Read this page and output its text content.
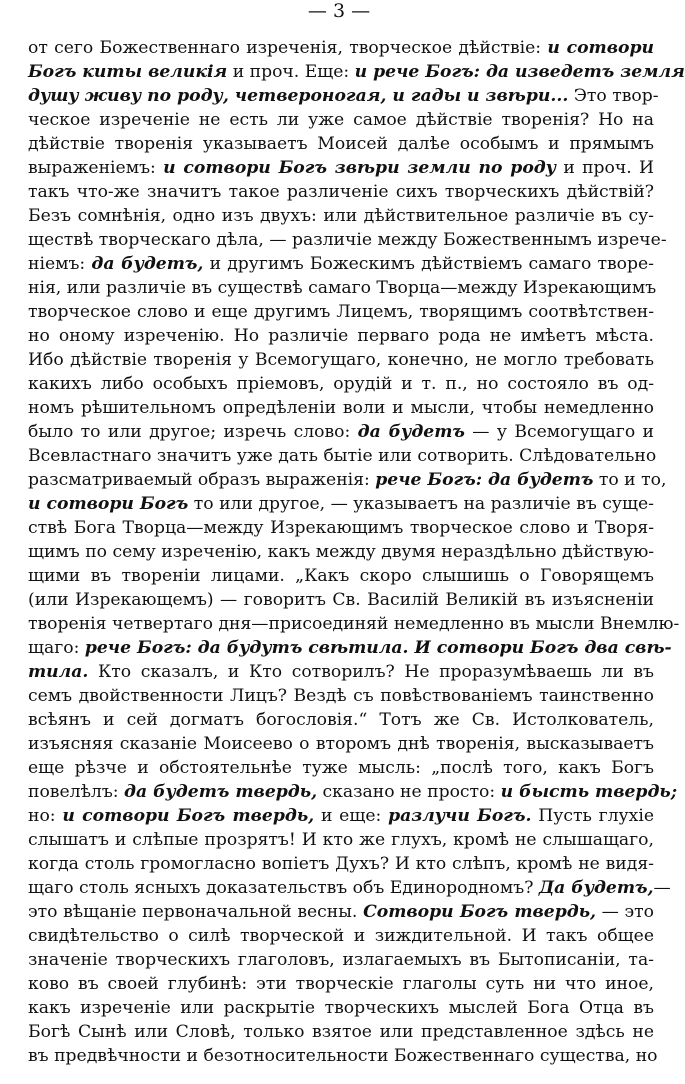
— 3 —
от сего Божественнаго изреченія, творческое дѣйствіе: и сотвори
Богъ киты великія и проч. Еще: и рече Богъ: да изведетъ земля
душу живу по роду, четвероногая, и гады и звѣри... Это твор-
ческое изреченіе не есть ли уже самое дѣйствіе творенія? Но на
дѣйствіе творенія указываетъ Моисей далѣе особымъ и прямымъ
выраженіемъ: и сотвори Богъ звѣри земли по роду и проч. И
такъ что-же значитъ такое различеніе сихъ творческихъ дѣйствій?
Безъ сомнѣнія, одно изъ двухъ: или дѣйствительное различіе въ су-
ществѣ творческаго дѣла, — различіе между Божественнымъ изрече-
ніемъ: да будетъ, и другимъ Божескимъ дѣйствіемъ самаго творе-
нія, или различіе въ существѣ самаго Творца—между Изрекающимъ
творческое слово и еще другимъ Лицемъ, творящимъ соотвѣтствен-
но оному изреченію. Но различіе перваго рода не имѣетъ мѣста.
Ибо дѣйствіе творенія у Всемогущаго, конечно, не могло требовать
какихъ либо особыхъ пріемовъ, орудій и т. п., но состояло въ од-
номъ рѣшительномъ опредѣленіи воли и мысли, чтобы немедленно
было то или другое; изречь слово: да будетъ — у Всемогущаго и
Всевластнаго значитъ уже дать бытіе или сотворить. Слѣдовательно
разсматриваемый образъ выраженія: рече Богъ: да будетъ то и то,
и сотвори Богъ то или другое, — указываетъ на различіе въ суще-
ствѣ Бога Творца—между Изрекающимъ творческое слово и Творя-
щимъ по сему изреченію, какъ между двумя нераздѣльно дѣйствую-
щими въ твореніи лицами. „Какъ скоро слышишь о Говорящемъ
(или Изрекающемъ) — говоритъ Св. Василій Великій въ изъясненіи
творенія четвертаго дня—присоединяй немедленно въ мысли Внемлю-
щаго: рече Богъ: да будутъ свѣтила. И сотвори Богъ два свѣ-
тила. Кто сказалъ, и Кто сотворилъ? Не проразумѣваешь ли въ
семъ двойственности Лицъ? Вездѣ съ повѣствованіемъ таинственно
всѣянъ и сей догматъ богословія.“ Тотъ же Св. Истолкователь,
изъясняя сказаніе Моисеево о второмъ днѣ творенія, высказываетъ
еще рѣзче и обстоятельнѣе туже мысль: „послѣ того, какъ Богъ
повелѣлъ: да будетъ твердь, сказано не просто: и бысть твердь;
но: и сотвори Богъ твердь, и еще: разлучи Богъ. Пусть глухіе
слышатъ и слѣпые прозрятъ! И кто же глухъ, кромѣ не слышащаго,
когда столь громогласно вопіетъ Духъ? И кто слѣпъ, кромѣ не видя-
щаго столь ясныхъ доказательствъ объ Единородномъ? Да будетъ,—
это вѣщаніе первоначальной весны. Сотвори Богъ твердь, — это
свидѣтельство о силѣ творческой и зиждительной. И такъ общее
значеніе творческихъ глаголовъ, излагаемыхъ въ Бытописаніи, та-
ково въ своей глубинѣ: эти творческіе глаголы суть ни что иное,
какъ изреченіе или раскрытіе творческихъ мыслей Бога Отца въ
Богѣ Сынѣ или Словѣ, только взятое или представленное здѣсь не
въ предвѣчности и безотносительности Божественнаго существа, но
